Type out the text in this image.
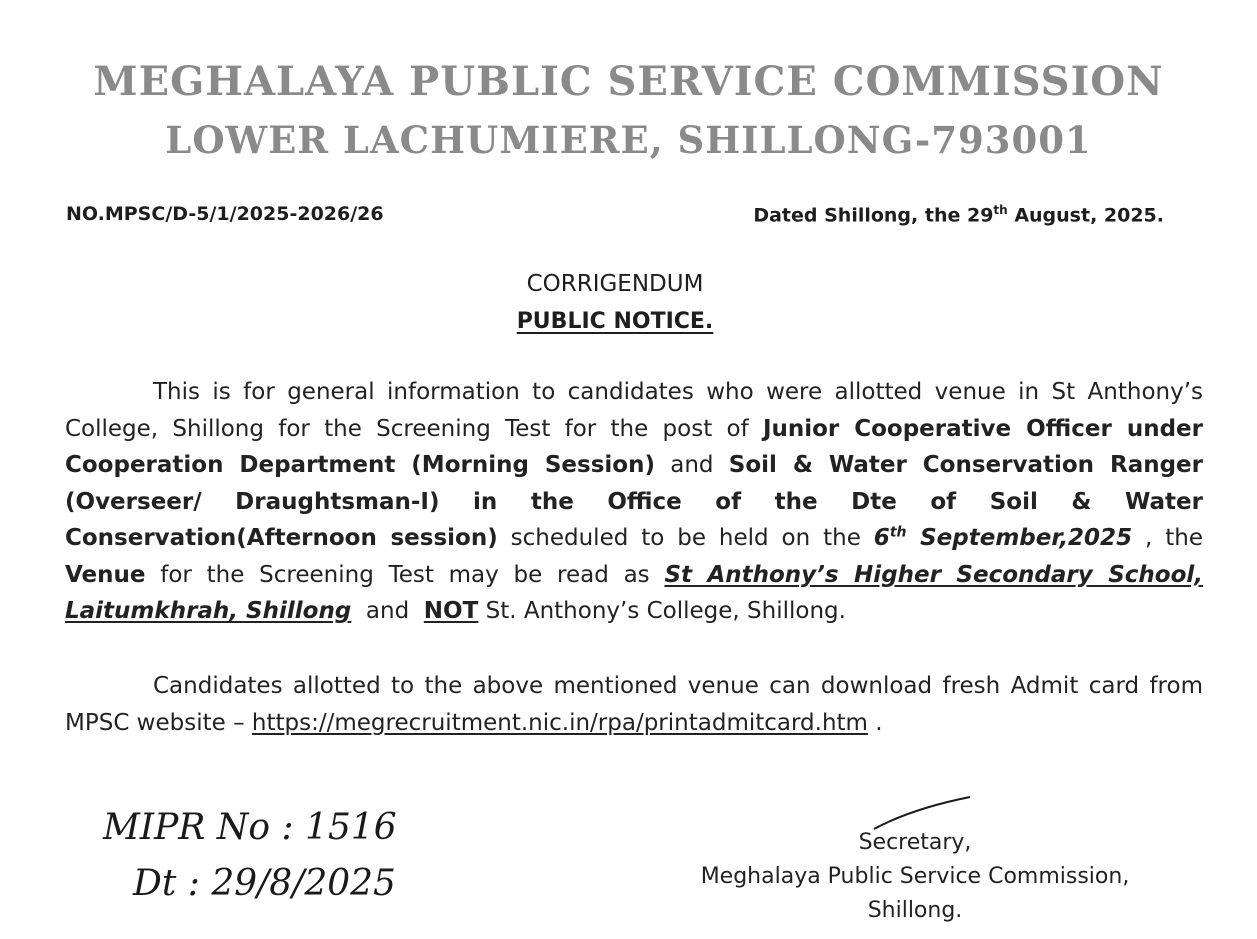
MEGHALAYA PUBLIC SERVICE COMMISSION
LOWER LACHUMIERE, SHILLONG-793001
NO.MPSC/D-5/1/2025-2026/26	Dated Shillong, the 29th August, 2025.
CORRIGENDUM
PUBLIC NOTICE.
This is for general information to candidates who were allotted venue in St Anthony’s College, Shillong for the Screening Test for the post of Junior Cooperative Officer under Cooperation Department (Morning Session) and Soil & Water Conservation Ranger (Overseer/ Draughtsman-I) in the Office of the Dte of Soil & Water Conservation(Afternoon session) scheduled to be held on the 6th September,2025 , the Venue for the Screening Test may be read as St Anthony’s Higher Secondary School, Laitumkhrah, Shillong  and  NOT St. Anthony’s College, Shillong.
Candidates allotted to the above mentioned venue can download fresh Admit card from MPSC website – https://megrecruitment.nic.in/rpa/printadmitcard.htm .
MIPR No : 1516
Dt : 29/8/2025
Secretary,
Meghalaya Public Service Commission,
Shillong.
